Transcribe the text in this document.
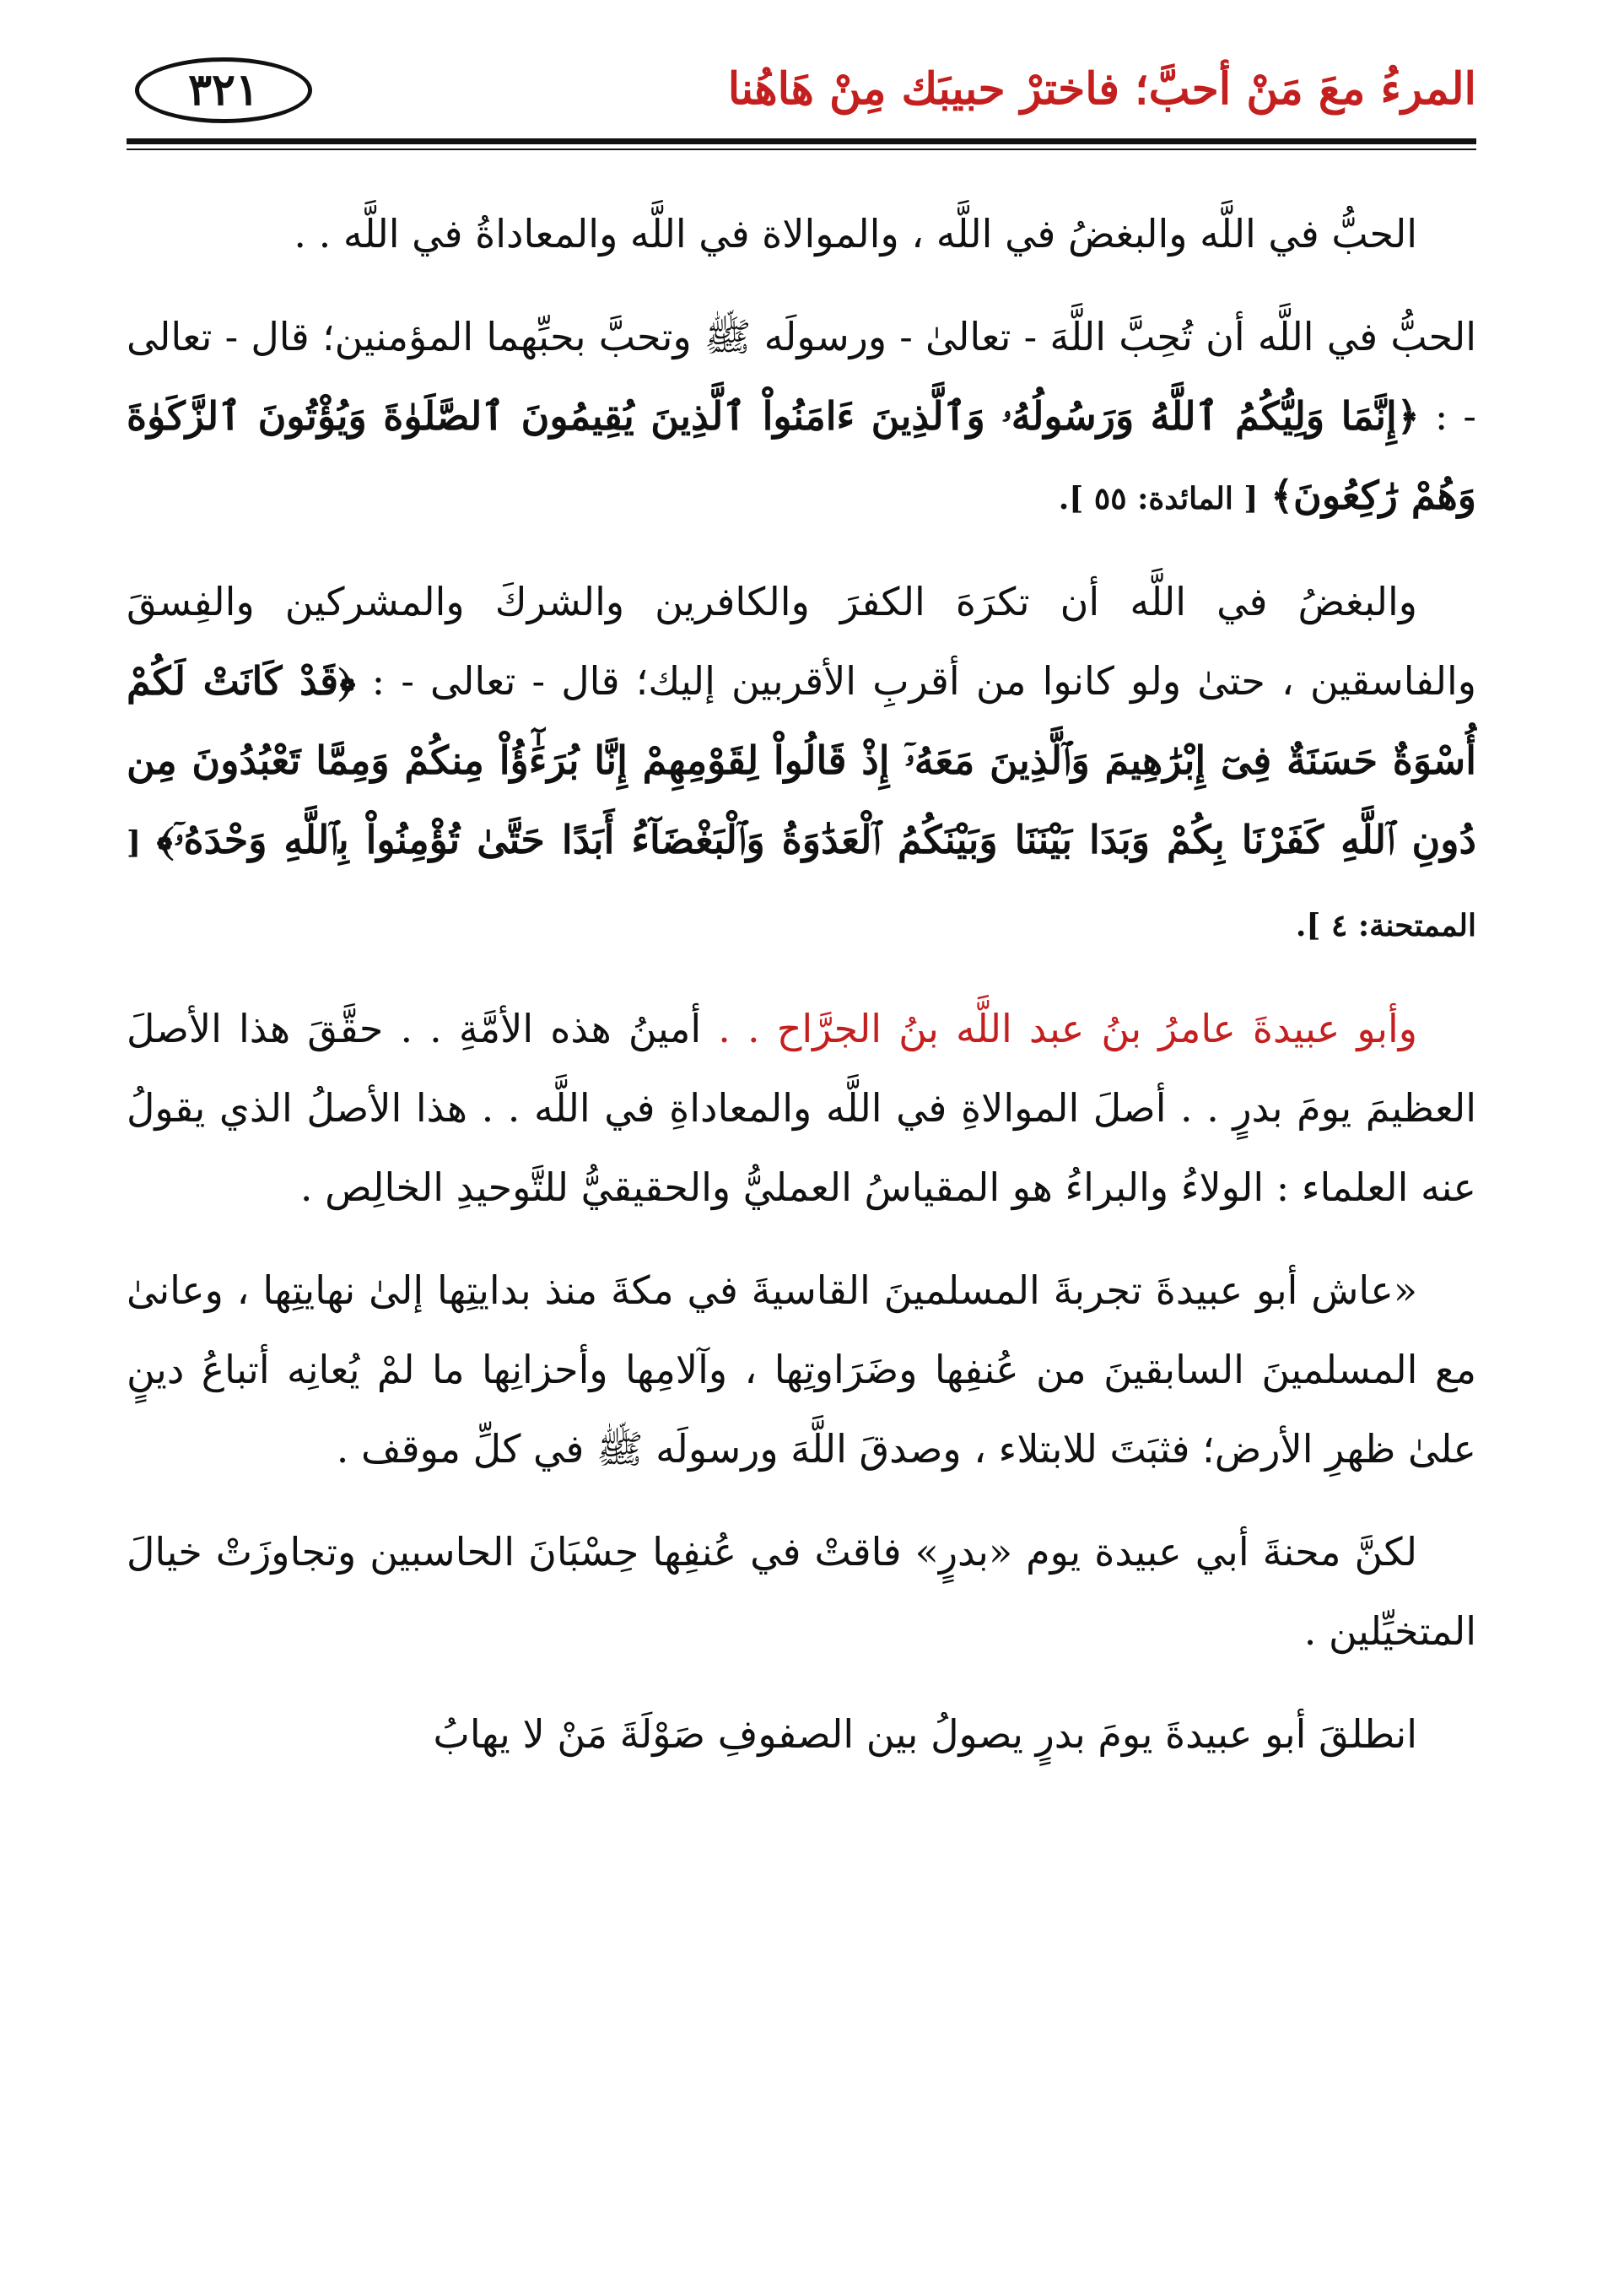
المرءُ معَ مَنْ أحبَّ؛ فاخترْ حبيبَك مِنْ هَاهُنا
٣٢١

الحبُّ في اللَّه والبغضُ في اللَّه ، والموالاة في اللَّه والمعاداةُ في اللَّه . .

الحبُّ في اللَّه أن تُحِبَّ اللَّهَ - تعالىٰ - ورسولَه ﷺ وتحبَّ بحبِّهما المؤمنين؛ قال - تعالى - : ﴿إِنَّمَا وَلِيُّكُمُ ٱللَّهُ وَرَسُولُهُۥ وَٱلَّذِينَ ءَامَنُواْ ٱلَّذِينَ يُقِيمُونَ ٱلصَّلَوٰةَ وَيُؤْتُونَ ٱلزَّكَوٰةَ وَهُمْ رَٰكِعُونَ﴾ [ المائدة: ٥٥ ].

والبغضُ في اللَّه أن تكرَهَ الكفرَ والكافرين والشركَ والمشركين والفِسقَ والفاسقين ، حتىٰ ولو كانوا من أقربِ الأقربين إليك؛ قال - تعالى - : ﴿قَدْ كَانَتْ لَكُمْ أُسْوَةٌ حَسَنَةٌ فِىٓ إِبْرَٰهِيمَ وَٱلَّذِينَ مَعَهُۥٓ إِذْ قَالُواْ لِقَوْمِهِمْ إِنَّا بُرَءَٰٓؤُاْ مِنكُمْ وَمِمَّا تَعْبُدُونَ مِن دُونِ ٱللَّهِ كَفَرْنَا بِكُمْ وَبَدَا بَيْنَنَا وَبَيْنَكُمُ ٱلْعَدَٰوَةُ وَٱلْبَغْضَآءُ أَبَدًا حَتَّىٰ تُؤْمِنُواْ بِٱللَّهِ وَحْدَهُۥٓ﴾ [ الممتحنة: ٤ ].

وأبو عبيدةَ عامرُ بنُ عبد اللَّه بنُ الجرَّاح . . أمينُ هذه الأمَّةِ . . حقَّقَ هذا الأصلَ العظيمَ يومَ بدرٍ . . أصلَ الموالاةِ في اللَّه والمعاداةِ في اللَّه . . هذا الأصلُ الذي يقولُ عنه العلماء : الولاءُ والبراءُ هو المقياسُ العمليُّ والحقيقيُّ للتَّوحيدِ الخالِص .

«عاش أبو عبيدةَ تجربةَ المسلمينَ القاسيةَ في مكةَ منذ بدايتِها إلىٰ نهايتِها ، وعانىٰ مع المسلمينَ السابقينَ من عُنفِها وضَرَاوتِها ، وآلامِها وأحزانِها ما لمْ يُعانِه أتباعُ دينٍ علىٰ ظهرِ الأرض؛ فثبَتَ للابتلاء ، وصدقَ اللَّهَ ورسولَه ﷺ في كلِّ موقف .

لكنَّ محنةَ أبي عبيدة يوم «بدرٍ» فاقتْ في عُنفِها حِسْبَانَ الحاسبين وتجاوزَتْ خيالَ المتخيِّلين .

انطلقَ أبو عبيدةَ يومَ بدرٍ يصولُ بين الصفوفِ صَوْلَةَ مَنْ لا يهابُ
